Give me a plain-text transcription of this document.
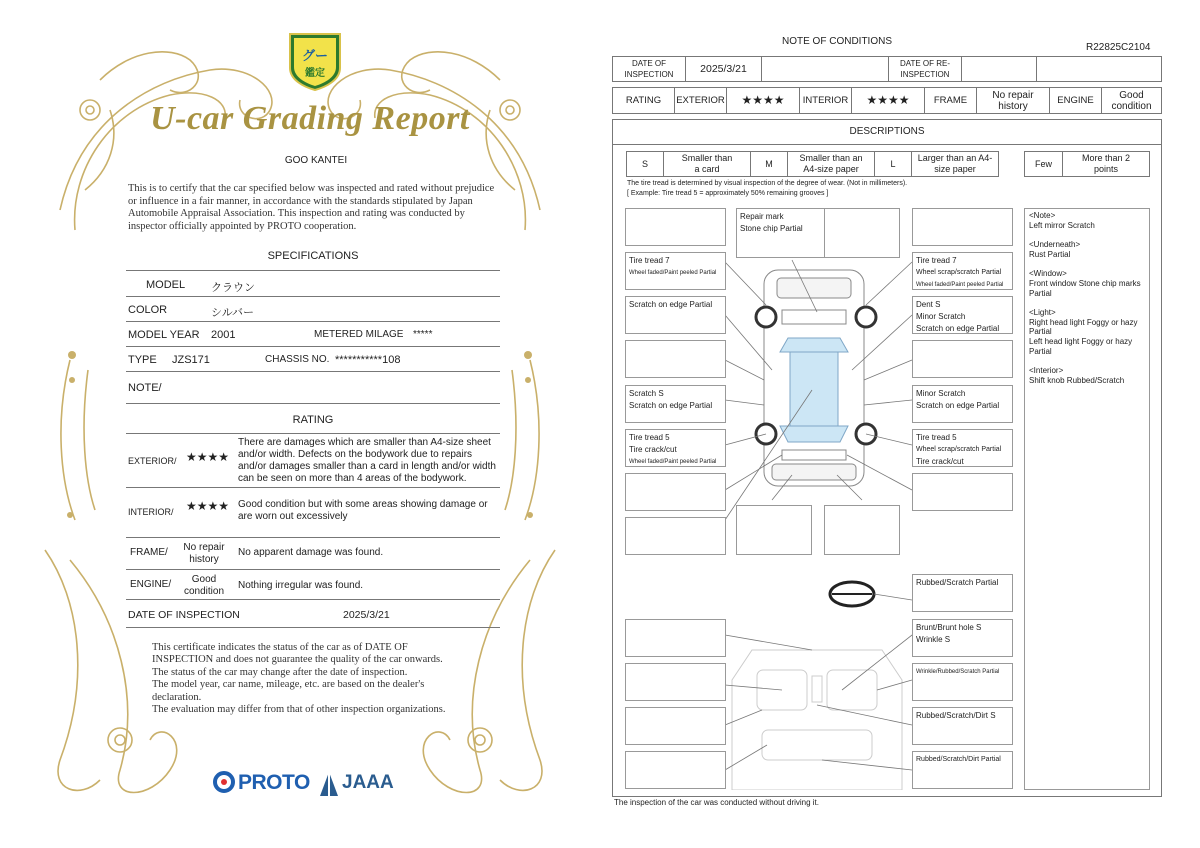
グー
鑑定
U-car Grading Report
GOO KANTEI
This is to certify that the car specified below was inspected and rated without prejudice or influence in a fair manner, in accordance with the standards stipulated by Japan Automobile Appraisal Association. This inspection and rating was conducted by inspector officially appointed by PROTO cooperation.
SPECIFICATIONS
MODEL クラウン
COLOR	シルバー
MODEL YEAR 2001	METERED MILAGE *****
TYPE JZS171	CHASSIS NO. ***********108
NOTE/
RATING
EXTERIOR/ ★★★★
There are damages which are smaller than A4-size sheet and/or width. Defects on the bodywork due to repairs and/or damages smaller than a card in length and/or width can be seen on more than 4 areas of the bodywork.
INTERIOR/ ★★★★ Good condition but with some areas showing damage or are worn out excessively
FRAME/	No repair history
No apparent damage was found.
ENGINE/	Good condition
Nothing irregular was found.
DATE OF INSPECTION	2025/3/21
This certificate indicates the status of the car as of DATE OF
INSPECTION and does not guarantee the quality of the car onwards.
The status of the car may change after the date of inspection.
The model year, car name, mileage, etc. are based on the dealer's
declaration.
The evaluation may differ from that of other inspection organizations.
PROTO JAAA
NOTE OF CONDITIONS
R22825C2104
DATE OF INSPECTION	2025/3/21	DATE OF RE-INSPECTION
RATING	EXTERIOR	★★★★	INTERIOR	★★★★	FRAME	No repair history	ENGINE	Good condition
DESCRIPTIONS
S
Smaller than a card
M
Smaller than an A4-size paper
L
Larger than an A4-size paper
Few
More than 2 points
The tire tread is determined by visual inspection of the degree of wear. (Not in millimeters).
[ Example: Tire tread 5 = approximately 50% remaining grooves ]
Tire tread 7
Wheel faded/Paint peeled Partial
Scratch on edge Partial
Scratch S
Scratch on edge Partial
Tire tread 5
Tire crack/cut
Wheel faded/Paint peeled Partial
Repair mark
Stone chip Partial
Tire tread 7
Wheel scrap/scratch Partial
Wheel faded/Paint peeled Partial
Dent S
Minor Scratch
Scratch on edge Partial
Minor Scratch
Scratch on edge Partial
Tire tread 5
Wheel scrap/scratch Partial
Tire crack/cut
Rubbed/Scratch Partial
Brunt/Brunt hole S
Wrinkle S
Wrinkle/Rubbed/Scratch Partial
Rubbed/Scratch/Dirt S
Rubbed/Scratch/Dirt Partial
<Note>
Left mirror Scratch
<Underneath>
Rust Partial
<Window>
Front window Stone chip marks Partial
<Light>
Right head light Foggy or hazy Partial
Left head light Foggy or hazy Partial
<Interior>
Shift knob Rubbed/Scratch
The inspection of the car was conducted without driving it.
